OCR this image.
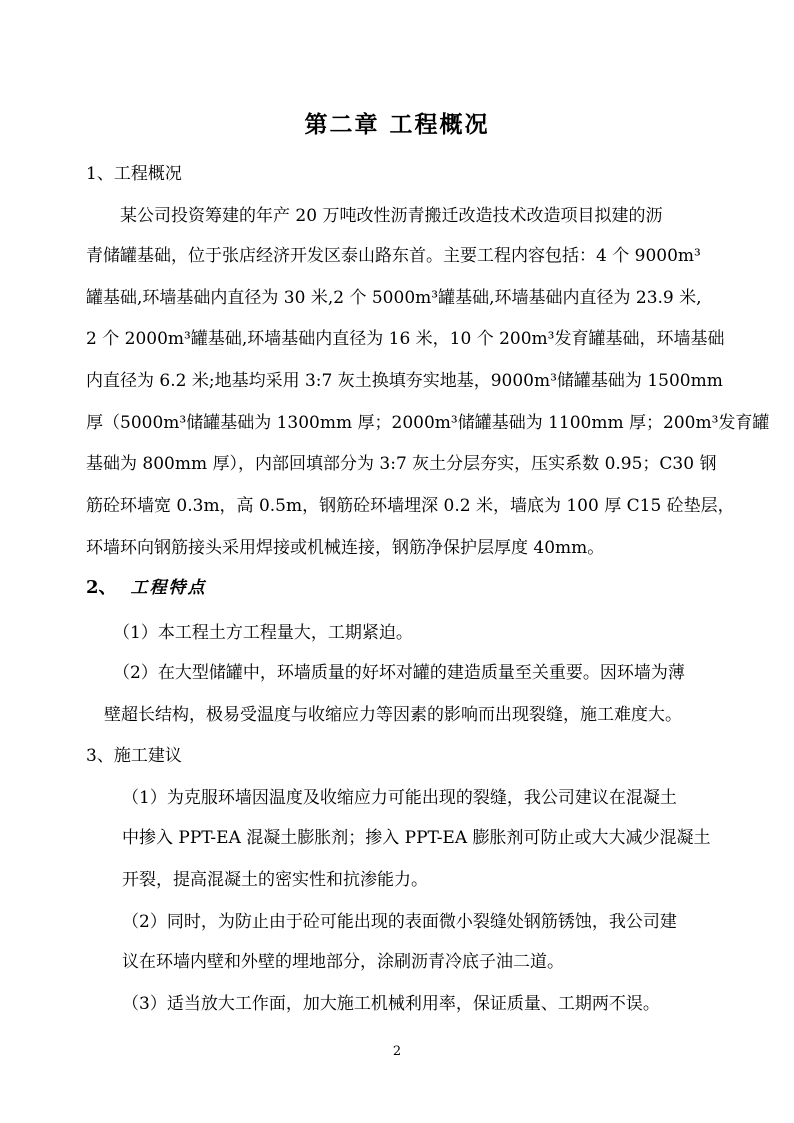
第二章 工程概况
1、工程概况
　　某公司投资筹建的年产 20 万吨改性沥青搬迁改造技术改造项目拟建的沥
青储罐基础，位于张店经济开发区泰山路东首。主要工程内容包括：4 个 9000m³
罐基础,环墙基础内直径为 30 米,2 个 5000m³罐基础,环墙基础内直径为 23.9 米,
2 个 2000m³罐基础,环墙基础内直径为 16 米，10 个 200m³发育罐基础，环墙基础
内直径为 6.2 米;地基均采用 3:7 灰土换填夯实地基，9000m³储罐基础为 1500mm
厚（5000m³储罐基础为 1300mm 厚；2000m³储罐基础为 1100mm 厚；200m³发育罐
基础为 800mm 厚），内部回填部分为 3:7 灰土分层夯实，压实系数 0.95；C30 钢
筋砼环墙宽 0.3m，高 0.5m，钢筋砼环墙埋深 0.2 米，墙底为 100 厚 C15 砼垫层，
环墙环向钢筋接头采用焊接或机械连接，钢筋净保护层厚度 40mm。
2、 工程特点
（1）本工程土方工程量大，工期紧迫。
（2）在大型储罐中，环墙质量的好坏对罐的建造质量至关重要。因环墙为薄
壁超长结构，极易受温度与收缩应力等因素的影响而出现裂缝，施工难度大。
3、施工建议
（1）为克服环墙因温度及收缩应力可能出现的裂缝，我公司建议在混凝土
中掺入 PPT-EA 混凝土膨胀剂；掺入 PPT-EA 膨胀剂可防止或大大减少混凝土
开裂，提高混凝土的密实性和抗渗能力。
（2）同时，为防止由于砼可能出现的表面微小裂缝处钢筋锈蚀，我公司建
议在环墙内壁和外壁的埋地部分，涂刷沥青冷底子油二道。
（3）适当放大工作面，加大施工机械利用率，保证质量、工期两不误。
2
